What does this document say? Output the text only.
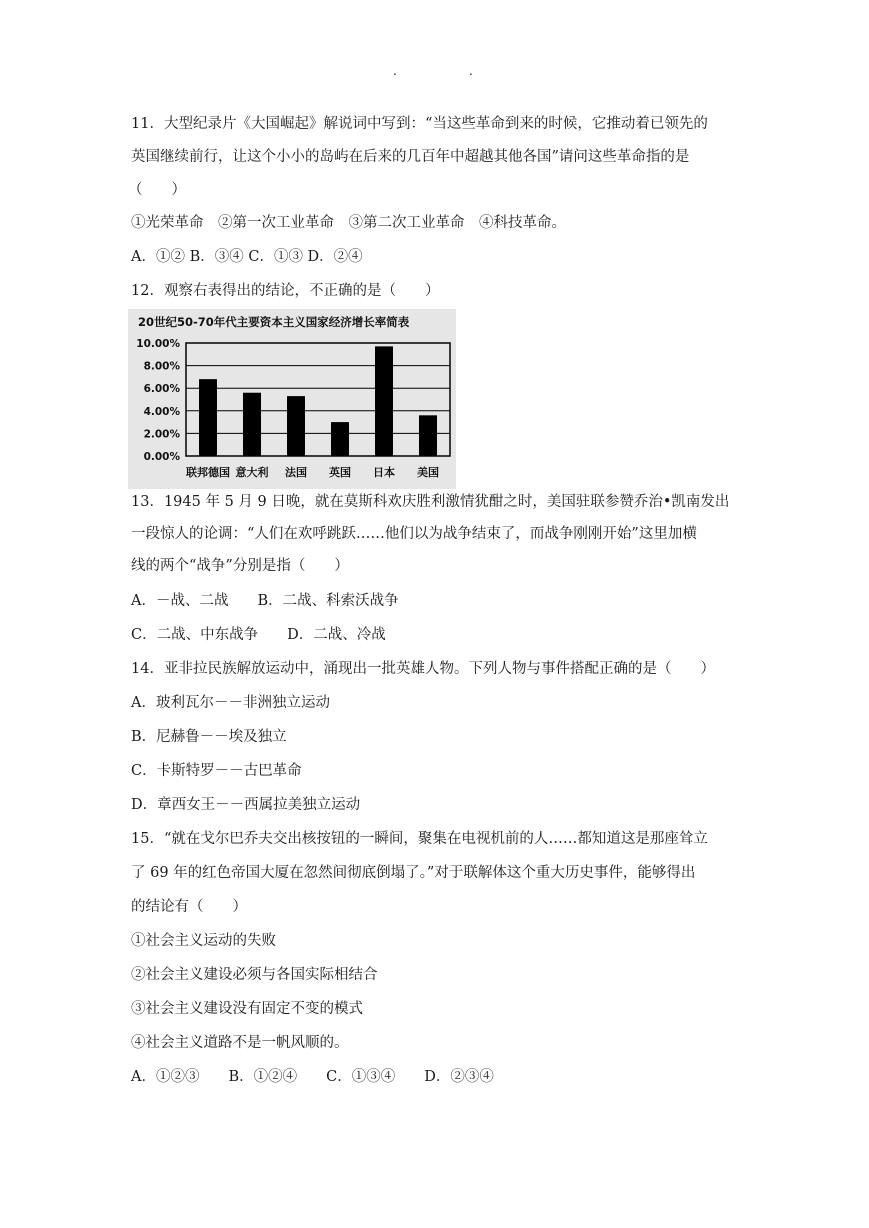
.	.
11．大型纪录片《大国崛起》解说词中写到：“当这些革命到来的时候，它推动着已领先的
英国继续前行，让这个小小的岛屿在后来的几百年中超越其他各国”请问这些革命指的是
（　　）
①光荣革命　②第一次工业革命　③第二次工业革命　④科技革命。
A．①② B．③④ C．①③ D．②④
12．观察右表得出的结论，不正确的是（　　）
20世纪50-70年代主要资本主义国家经济增长率简表
0.00%
2.00%
4.00%
6.00%
8.00%
10.00%
联邦德国 意大利 法国 英国 日本 美国
13．1945 年 5 月 9 日晚，就在莫斯科欢庆胜利激情犹酣之时，美国驻联参赞乔治•凯南发出
一段惊人的论调：“人们在欢呼跳跃……他们以为战争结束了，而战争刚刚开始”这里加横
线的两个“战争”分别是指（　　）
A．－战、二战　　B．二战、科索沃战争
C．二战、中东战争　　D．二战、冷战
14．亚非拉民族解放运动中，涌现出一批英雄人物。下列人物与事件搭配正确的是（　　）
A．玻利瓦尔－－非洲独立运动
B．尼赫鲁－－埃及独立
C．卡斯特罗－－古巴革命
D．章西女王－－西属拉美独立运动
15．“就在戈尔巴乔夫交出核按钮的一瞬间，聚集在电视机前的人……都知道这是那座耸立
了 69 年的红色帝国大厦在忽然间彻底倒塌了。”对于联解体这个重大历史事件，能够得出
的结论有（　　）
①社会主义运动的失败
②社会主义建设必须与各国实际相结合
③社会主义建设没有固定不变的模式
④社会主义道路不是一帆风顺的。
A．①②③　　B．①②④　　C．①③④　　D．②③④
